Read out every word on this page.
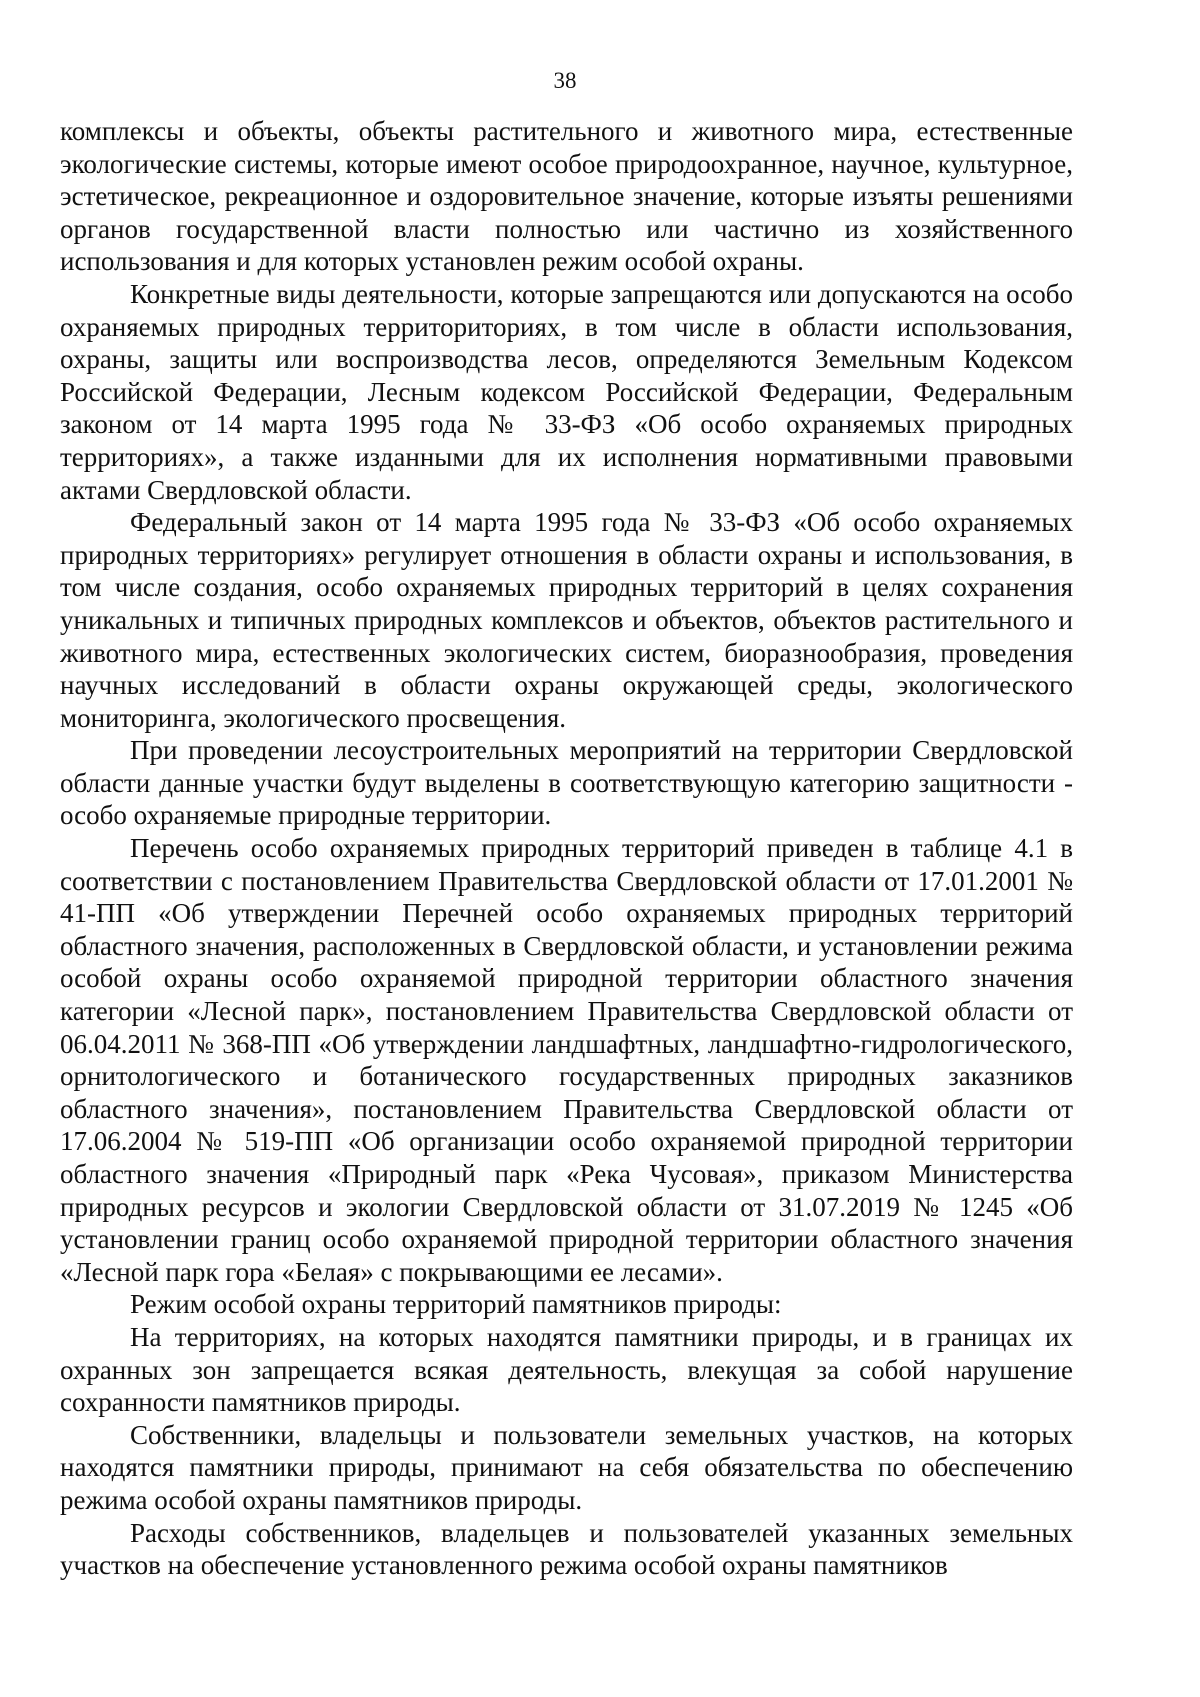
38

комплексы и объекты, объекты растительного и животного мира, естественные экологические системы, которые имеют особое природоохранное, научное, культурное, эстетическое, рекреационное и оздоровительное значение, которые изъяты решениями органов государственной власти полностью или частично из хозяйственного использования и для которых установлен режим особой охраны.

Конкретные виды деятельности, которые запрещаются или допускаются на особо охраняемых природных территориториях, в том числе в области использования, охраны, защиты или воспроизводства лесов, определяются Земельным Кодексом Российской Федерации, Лесным кодексом Российской Федерации, Федеральным законом от 14 марта 1995 года № 33-ФЗ «Об особо охраняемых природных территориях», а также изданными для их исполнения нормативными правовыми актами Свердловской области.

Федеральный закон от 14 марта 1995 года № 33-ФЗ «Об особо охраняемых природных территориях» регулирует отношения в области охраны и использования, в том числе создания, особо охраняемых природных территорий в целях сохранения уникальных и типичных природных комплексов и объектов, объектов растительного и животного мира, естественных экологических систем, биоразнообразия, проведения научных исследований в области охраны окружающей среды, экологического мониторинга, экологического просвещения.

При проведении лесоустроительных мероприятий на территории Свердловской области данные участки будут выделены в соответствующую категорию защитности - особо охраняемые природные территории.

Перечень особо охраняемых природных территорий приведен в таблице 4.1 в соответствии с постановлением Правительства Свердловской области от 17.01.2001 № 41-ПП «Об утверждении Перечней особо охраняемых природных территорий областного значения, расположенных в Свердловской области, и установлении режима особой охраны особо охраняемой природной территории областного значения категории «Лесной парк», постановлением Правительства Свердловской области от 06.04.2011 № 368-ПП «Об утверждении ландшафтных, ландшафтно-гидрологического, орнитологического и ботанического государственных природных заказников областного значения», постановлением Правительства Свердловской области от 17.06.2004 № 519-ПП «Об организации особо охраняемой природной территории областного значения «Природный парк «Река Чусовая», приказом Министерства природных ресурсов и экологии Свердловской области от 31.07.2019 № 1245 «Об установлении границ особо охраняемой природной территории областного значения «Лесной парк гора «Белая» с покрывающими ее лесами».

Режим особой охраны территорий памятников природы:

На территориях, на которых находятся памятники природы, и в границах их охранных зон запрещается всякая деятельность, влекущая за собой нарушение сохранности памятников природы.

Собственники, владельцы и пользователи земельных участков, на которых находятся памятники природы, принимают на себя обязательства по обеспечению режима особой охраны памятников природы.

Расходы собственников, владельцев и пользователей указанных земельных участков на обеспечение установленного режима особой охраны памятников
